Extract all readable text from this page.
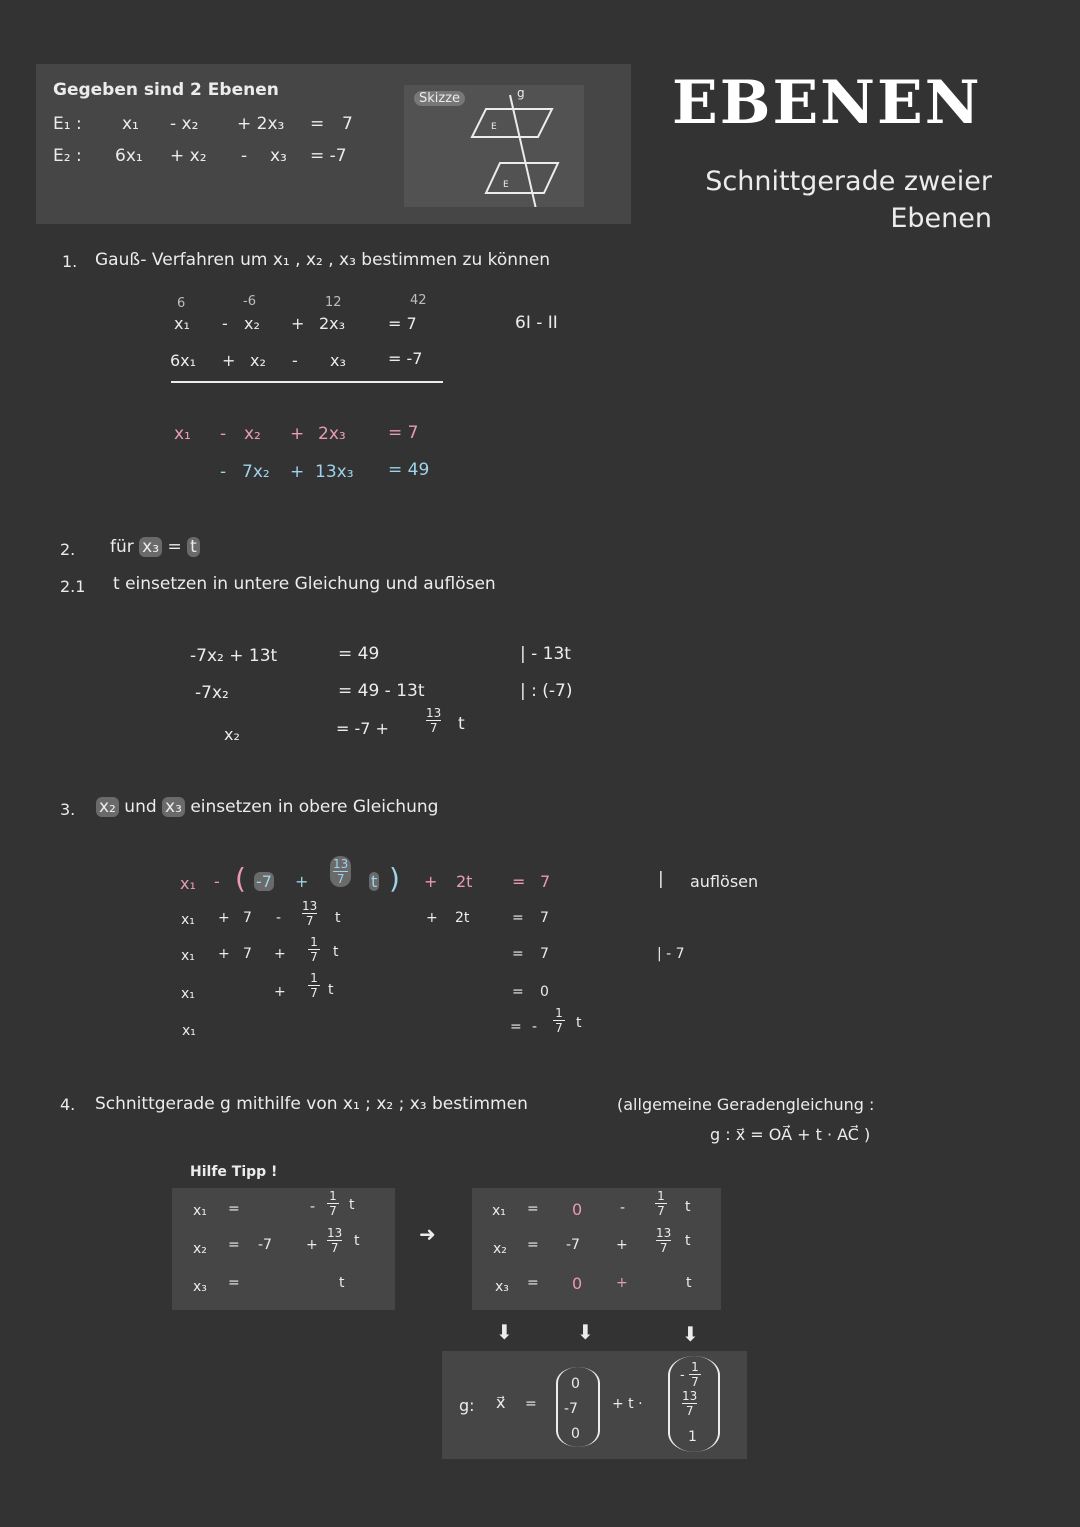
Gegeben sind 2 Ebenen
E₁ : x₁ - x₂ + 2x₃ = 7
E₂ : 6x₁ + x₂ - x₃ = -7
Skizze	g
E
E
EBENEN
Schnittgerade zweier
Ebenen
1. Gauß- Verfahren um x₁ , x₂ , x₃ bestimmen zu können
6	-6	12	42
x₁ - x₂ + 2x₃	= 7	6I - II
6x₁ + x₂ - x₃	= -7
x₁ - x₂ + 2x₃ = 7
- 7x₂ + 13x₃ = 49
2. für x₃ = t
2.1 t einsetzen in untere Gleichung und auflösen
-7x₂ + 13t	= 49	| - 13t
-7x₂	= 49 - 13t	| : (-7)
x₂	= -7 +
13
7 t
3. x₂ und x₃ einsetzen in obere Gleichung
x₁ - ( -7 +
13
7 t ) + 2t = 7	| auflösen
x₁ + 7 -
13
7 t	+ 2t	= 7
x₁ + 7 +
1
7 t	= 7	| - 7
x₁	+
1
7 t	= 0
x₁	= -
1
7 t
4. Schnittgerade g mithilfe von x₁ ; x₂ ; x₃ bestimmen	(allgemeine Geradengleichung :
g : x⃗ = OA⃗ + t · AC⃗ )
Hilfe Tipp !
x₁ =	-
1
7 t
x₂ = -7 +
13
7 t
x₃ =	t
➜
x₁ = 0	-
1
7 t
x₂ = -7	+
13
7 t
x₃ = 0 +	t
⬇	⬇	⬇
g: x⃗ =
0
-7
0
+ t ·
-
1
7
13
7
1
